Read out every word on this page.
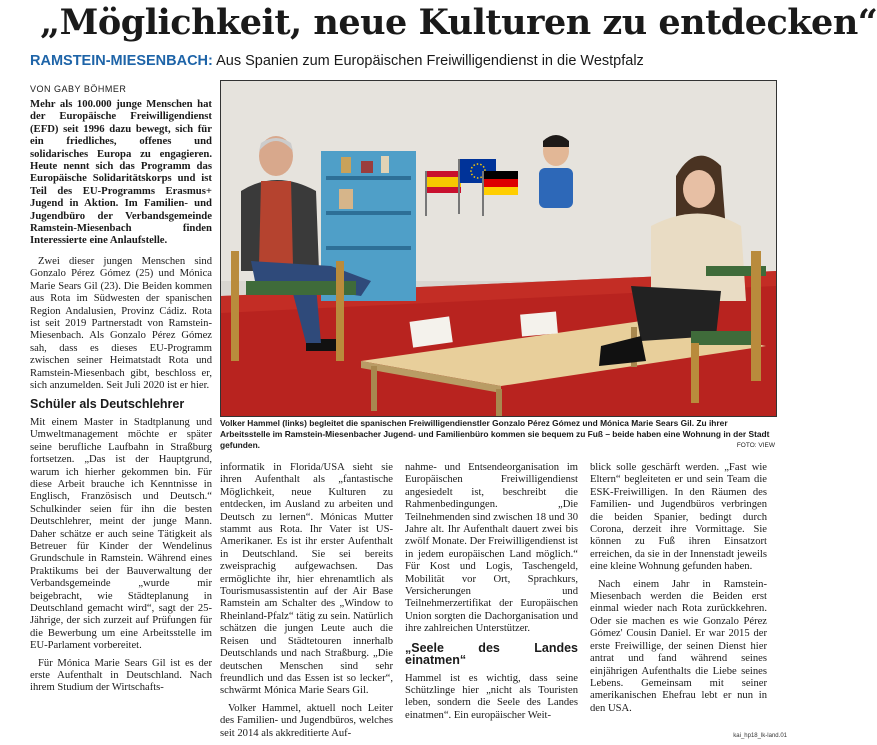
„Möglichkeit, neue Kulturen zu entdecken“
RAMSTEIN-MIESENBACH: Aus Spanien zum Europäischen Freiwilligendienst in die Westpfalz
VON GABY BÖHMER
Mehr als 100.000 junge Menschen hat der Europäische Freiwilligendienst (EFD) seit 1996 dazu bewegt, sich für ein friedliches, offenes und solidarisches Europa zu engagieren. Heute nennt sich das Programm das Europäische Solidaritätskorps und ist Teil des EU-Programms Erasmus+ Jugend in Aktion. Im Familien- und Jugendbüro der Verbandsgemeinde Ramstein-Miesenbach finden Interessierte eine Anlaufstelle.

Zwei dieser jungen Menschen sind Gonzalo Pérez Gómez (25) und Mónica Marie Sears Gil (23). Die Beiden kommen aus Rota im Südwesten der spanischen Region Andalusien, Provinz Cádiz. Rota ist seit 2019 Partnerstadt von Ramstein-Miesenbach. Als Gonzalo Pérez Gómez sah, dass es dieses EU-Programm zwischen seiner Heimatstadt Rota und Ramstein-Miesenbach gibt, beschloss er, sich anzumelden. Seit Juli 2020 ist er hier.

Schüler als Deutschlehrer

Mit einem Master in Stadtplanung und Umweltmanagement möchte er später seine berufliche Laufbahn in Straßburg fortsetzen. „Das ist der Hauptgrund, warum ich hierher gekommen bin. Für diese Arbeit brauche ich Kenntnisse in Englisch, Französisch und Deutsch.“ Schulkinder seien für ihn die besten Deutschlehrer, meint der junge Mann. Daher schätze er auch seine Tätigkeit als Betreuer für Kinder der Wendelinus Grundschule in Ramstein. Während eines Praktikums bei der Bauverwaltung der Verbandsgemeinde „wurde mir beigebracht, wie Städteplanung in Deutschland gemacht wird“, sagt der 25-Jährige, der sich zurzeit auf Prüfungen für die Bewerbung um eine Arbeitsstelle im EU-Parlament vorbereitet.

Für Mónica Marie Sears Gil ist es der erste Aufenthalt in Deutschland. Nach ihrem Studium der Wirtschafts-

Volker Hammel (links) begleitet die spanischen Freiwilligendienstler Gonzalo Pérez Gómez und Mónica Marie Sears Gil. Zu ihrer Arbeitsstelle im Ramstein-Miesenbacher Jugend- und Familienbüro kommen sie bequem zu Fuß – beide haben eine Wohnung in der Stadt gefunden.	FOTO: VIEW

informatik in Florida/USA sieht sie ihren Aufenthalt als „fantastische Möglichkeit, neue Kulturen zu entdecken, im Ausland zu arbeiten und Deutsch zu lernen“. Mónicas Mutter stammt aus Rota. Ihr Vater ist US-Amerikaner. Es ist ihr erster Aufenthalt in Deutschland. Sie sei bereits zweisprachig aufgewachsen. Das ermöglichte ihr, hier ehrenamtlich als Tourismusassistentin auf der Air Base Ramstein am Schalter des „Window to Rheinland-Pfalz“ tätig zu sein. Natürlich schätzen die jungen Leute auch die Reisen und Städtetouren innerhalb Deutschlands und nach Straßburg. „Die deutschen Menschen sind sehr freundlich und das Essen ist so lecker“, schwärmt Mónica Marie Sears Gil.

Volker Hammel, aktuell noch Leiter des Familien- und Jugendbüros, welches seit 2014 als akkreditierte Auf-

nahme- und Entsendeorganisation im Europäischen Freiwilligendienst angesiedelt ist, beschreibt die Rahmenbedingungen. „Die Teilnehmenden sind zwischen 18 und 30 Jahre alt. Ihr Aufenthalt dauert zwei bis zwölf Monate. Der Freiwilligendienst ist in jedem europäischen Land möglich.“ Für Kost und Logis, Taschengeld, Mobilität vor Ort, Sprachkurs, Versicherungen und Teilnehmerzertifikat der Europäischen Union sorgten die Dachorganisation und ihre zahlreichen Unterstützer.

„Seele des Landes einatmen“

Hammel ist es wichtig, dass seine Schützlinge hier „nicht als Touristen leben, sondern die Seele des Landes einatmen“. Ein europäischer Weit-

blick solle geschärft werden. „Fast wie Eltern“ begleiteten er und sein Team die ESK-Freiwilligen. In den Räumen des Familien- und Jugendbüros verbringen die beiden Spanier, bedingt durch Corona, derzeit ihre Vormittage. Sie können zu Fuß ihren Einsatzort erreichen, da sie in der Innenstadt jeweils eine kleine Wohnung gefunden haben.

Nach einem Jahr in Ramstein-Miesenbach werden die Beiden erst einmal wieder nach Rota zurückkehren. Oder sie machen es wie Gonzalo Pérez Gómez' Cousin Daniel. Er war 2015 der erste Freiwillige, der seinen Dienst hier antrat und fand während seines einjährigen Aufenthalts die Liebe seines Lebens. Gemeinsam mit seiner amerikanischen Ehefrau lebt er nun in den USA.

kai_hp18_lk-land.01
